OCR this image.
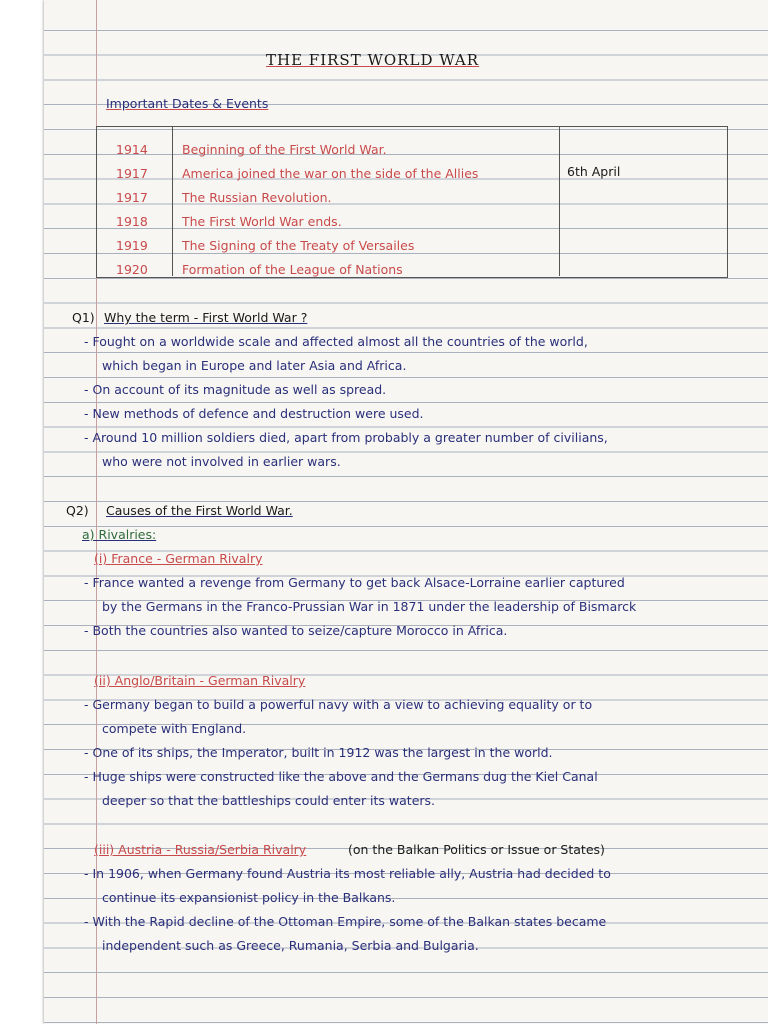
THE FIRST WORLD WAR
Important Dates & Events
1914	Beginning of the First World War.
1917	America joined the war on the side of the Allies	6th April
1917	The Russian Revolution.
1918	The First World War ends.
1919	The Signing of the Treaty of Versailes
1920	Formation of the League of Nations
Q1) Why the term - First World War ?
- Fought on a worldwide scale and affected almost all the countries of the world,
which began in Europe and later Asia and Africa.
- On account of its magnitude as well as spread.
- New methods of defence and destruction were used.
- Around 10 million soldiers died, apart from probably a greater number of civilians,
who were not involved in earlier wars.
Q2) Causes of the First World War.
a) Rivalries:
(i) France - German Rivalry
- France wanted a revenge from Germany to get back Alsace-Lorraine earlier captured
by the Germans in the Franco-Prussian War in 1871 under the leadership of Bismarck
- Both the countries also wanted to seize/capture Morocco in Africa.
(ii) Anglo/Britain - German Rivalry
- Germany began to build a powerful navy with a view to achieving equality or to
compete with England.
- One of its ships, the Imperator, built in 1912 was the largest in the world.
- Huge ships were constructed like the above and the Germans dug the Kiel Canal
deeper so that the battleships could enter its waters.
(iii) Austria - Russia/Serbia Rivalry	(on the Balkan Politics or Issue or States)
- In 1906, when Germany found Austria its most reliable ally, Austria had decided to
continue its expansionist policy in the Balkans.
- With the Rapid decline of the Ottoman Empire, some of the Balkan states became
independent such as Greece, Rumania, Serbia and Bulgaria.
